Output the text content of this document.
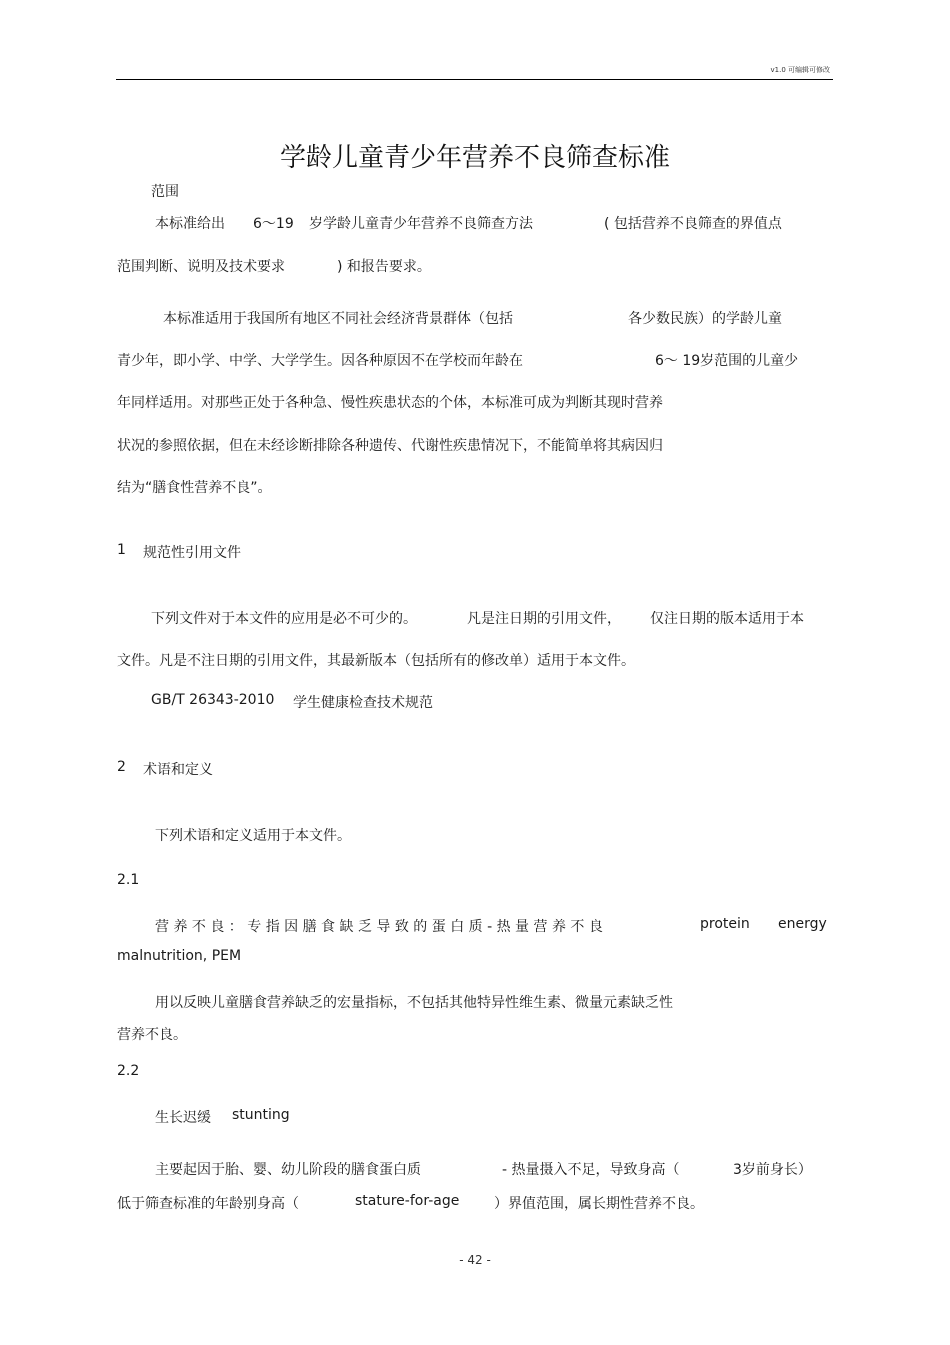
v1.0 可编辑可修改
学龄儿童青少年营养不良筛查标准
范围
本标准给出 6～19 岁学龄儿童青少年营养不良筛查方法	( 包括营养不良筛查的界值点
范围判断、说明及技术要求	) 和报告要求。
本标准适用于我国所有地区不同社会经济背景群体（包括	各少数民族）的学龄儿童
青少年，即小学、中学、大学学生。因各种原因不在学校而年龄在	6～ 19岁范围的儿童少
年同样适用。对那些正处于各种急、慢性疾患状态的个体，本标准可成为判断其现时营养
状况的参照依据，但在未经诊断排除各种遗传、代谢性疾患情况下，不能简单将其病因归
结为“膳食性营养不良”。
1 规范性引用文件
下列文件对于本文件的应用是必不可少的。	凡是注日期的引用文件， 仅注日期的版本适用于本
文件。凡是不注日期的引用文件，其最新版本（包括所有的修改单）适用于本文件。
GB/T 26343-2010 学生健康检查技术规范
2 术语和定义
下列术语和定义适用于本文件。
2.1
营 养 不 良 ： 专 指 因 膳 食 缺 乏 导 致 的 蛋 白 质 - 热 量 营 养 不 良	protein energy
malnutrition, PEM
用以反映儿童膳食营养缺乏的宏量指标，不包括其他特异性维生素、微量元素缺乏性
营养不良。
2.2
生长迟缓 stunting
主要起因于胎、婴、幼儿阶段的膳食蛋白质	- 热量摄入不足，导致身高（	3岁前身长）
低于筛查标准的年龄别身高（	stature-for-age ）界值范围，属长期性营养不良。
- 42 -
